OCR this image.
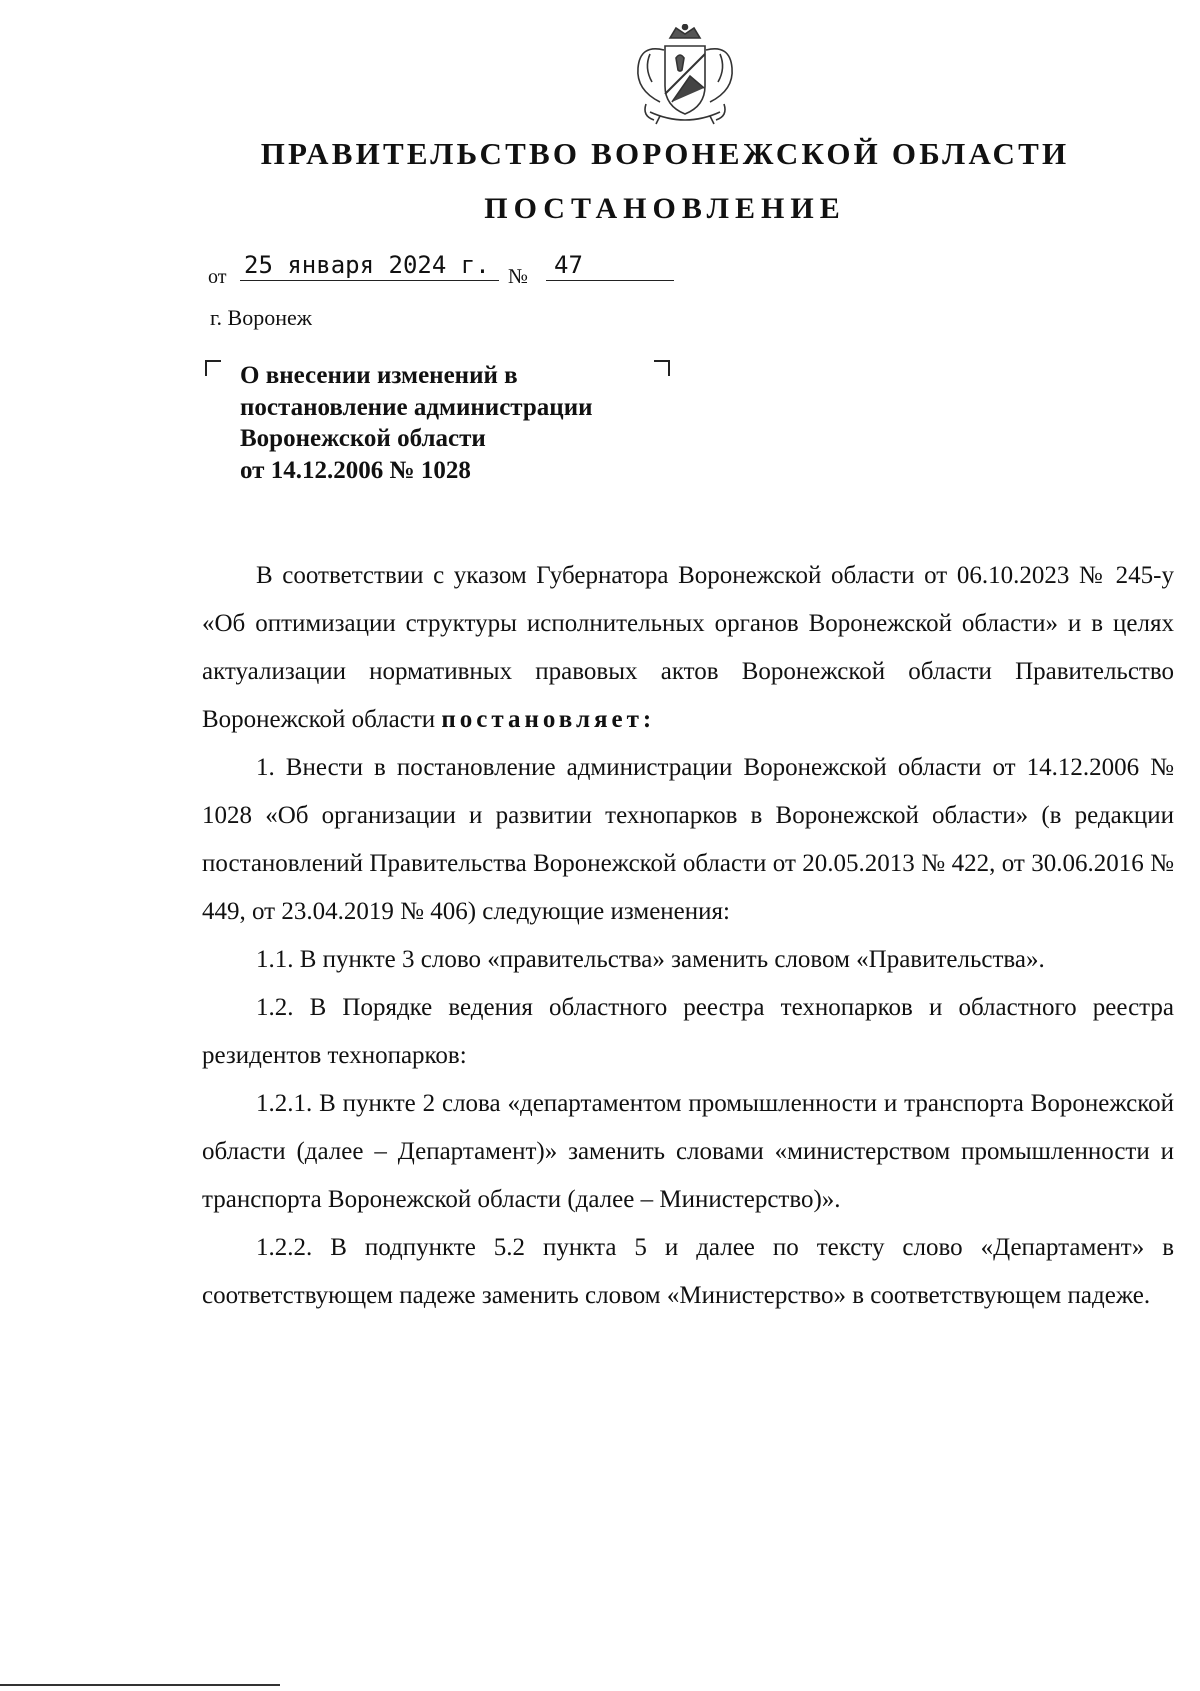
ПРАВИТЕЛЬСТВО ВОРОНЕЖСКОЙ ОБЛАСТИ
ПОСТАНОВЛЕНИЕ
от 25 января 2024 г. №	47
г. Воронеж
О внесении изменений в
постановление администрации
Воронежской области
от 14.12.2006 № 1028

В соответствии с указом Губернатора Воронежской области от 06.10.2023 № 245-у «Об оптимизации структуры исполнительных органов Воронежской области» и в целях актуализации нормативных правовых актов Воронежской области Правительство Воронежской области постановляет:

1. Внести в постановление администрации Воронежской области от 14.12.2006 № 1028 «Об организации и развитии технопарков в Воронежской области» (в редакции постановлений Правительства Воронежской области от 20.05.2013 № 422, от 30.06.2016 № 449, от 23.04.2019 № 406) следующие изменения:

1.1. В пункте 3 слово «правительства» заменить словом «Правительства».

1.2. В Порядке ведения областного реестра технопарков и областного реестра резидентов технопарков:

1.2.1. В пункте 2 слова «департаментом промышленности и транспорта Воронежской области (далее – Департамент)» заменить словами «министерством промышленности и транспорта Воронежской области (далее – Министерство)».

1.2.2. В подпункте 5.2 пункта 5 и далее по тексту слово «Департамент» в соответствующем падеже заменить словом «Министерство» в соответствующем падеже.
